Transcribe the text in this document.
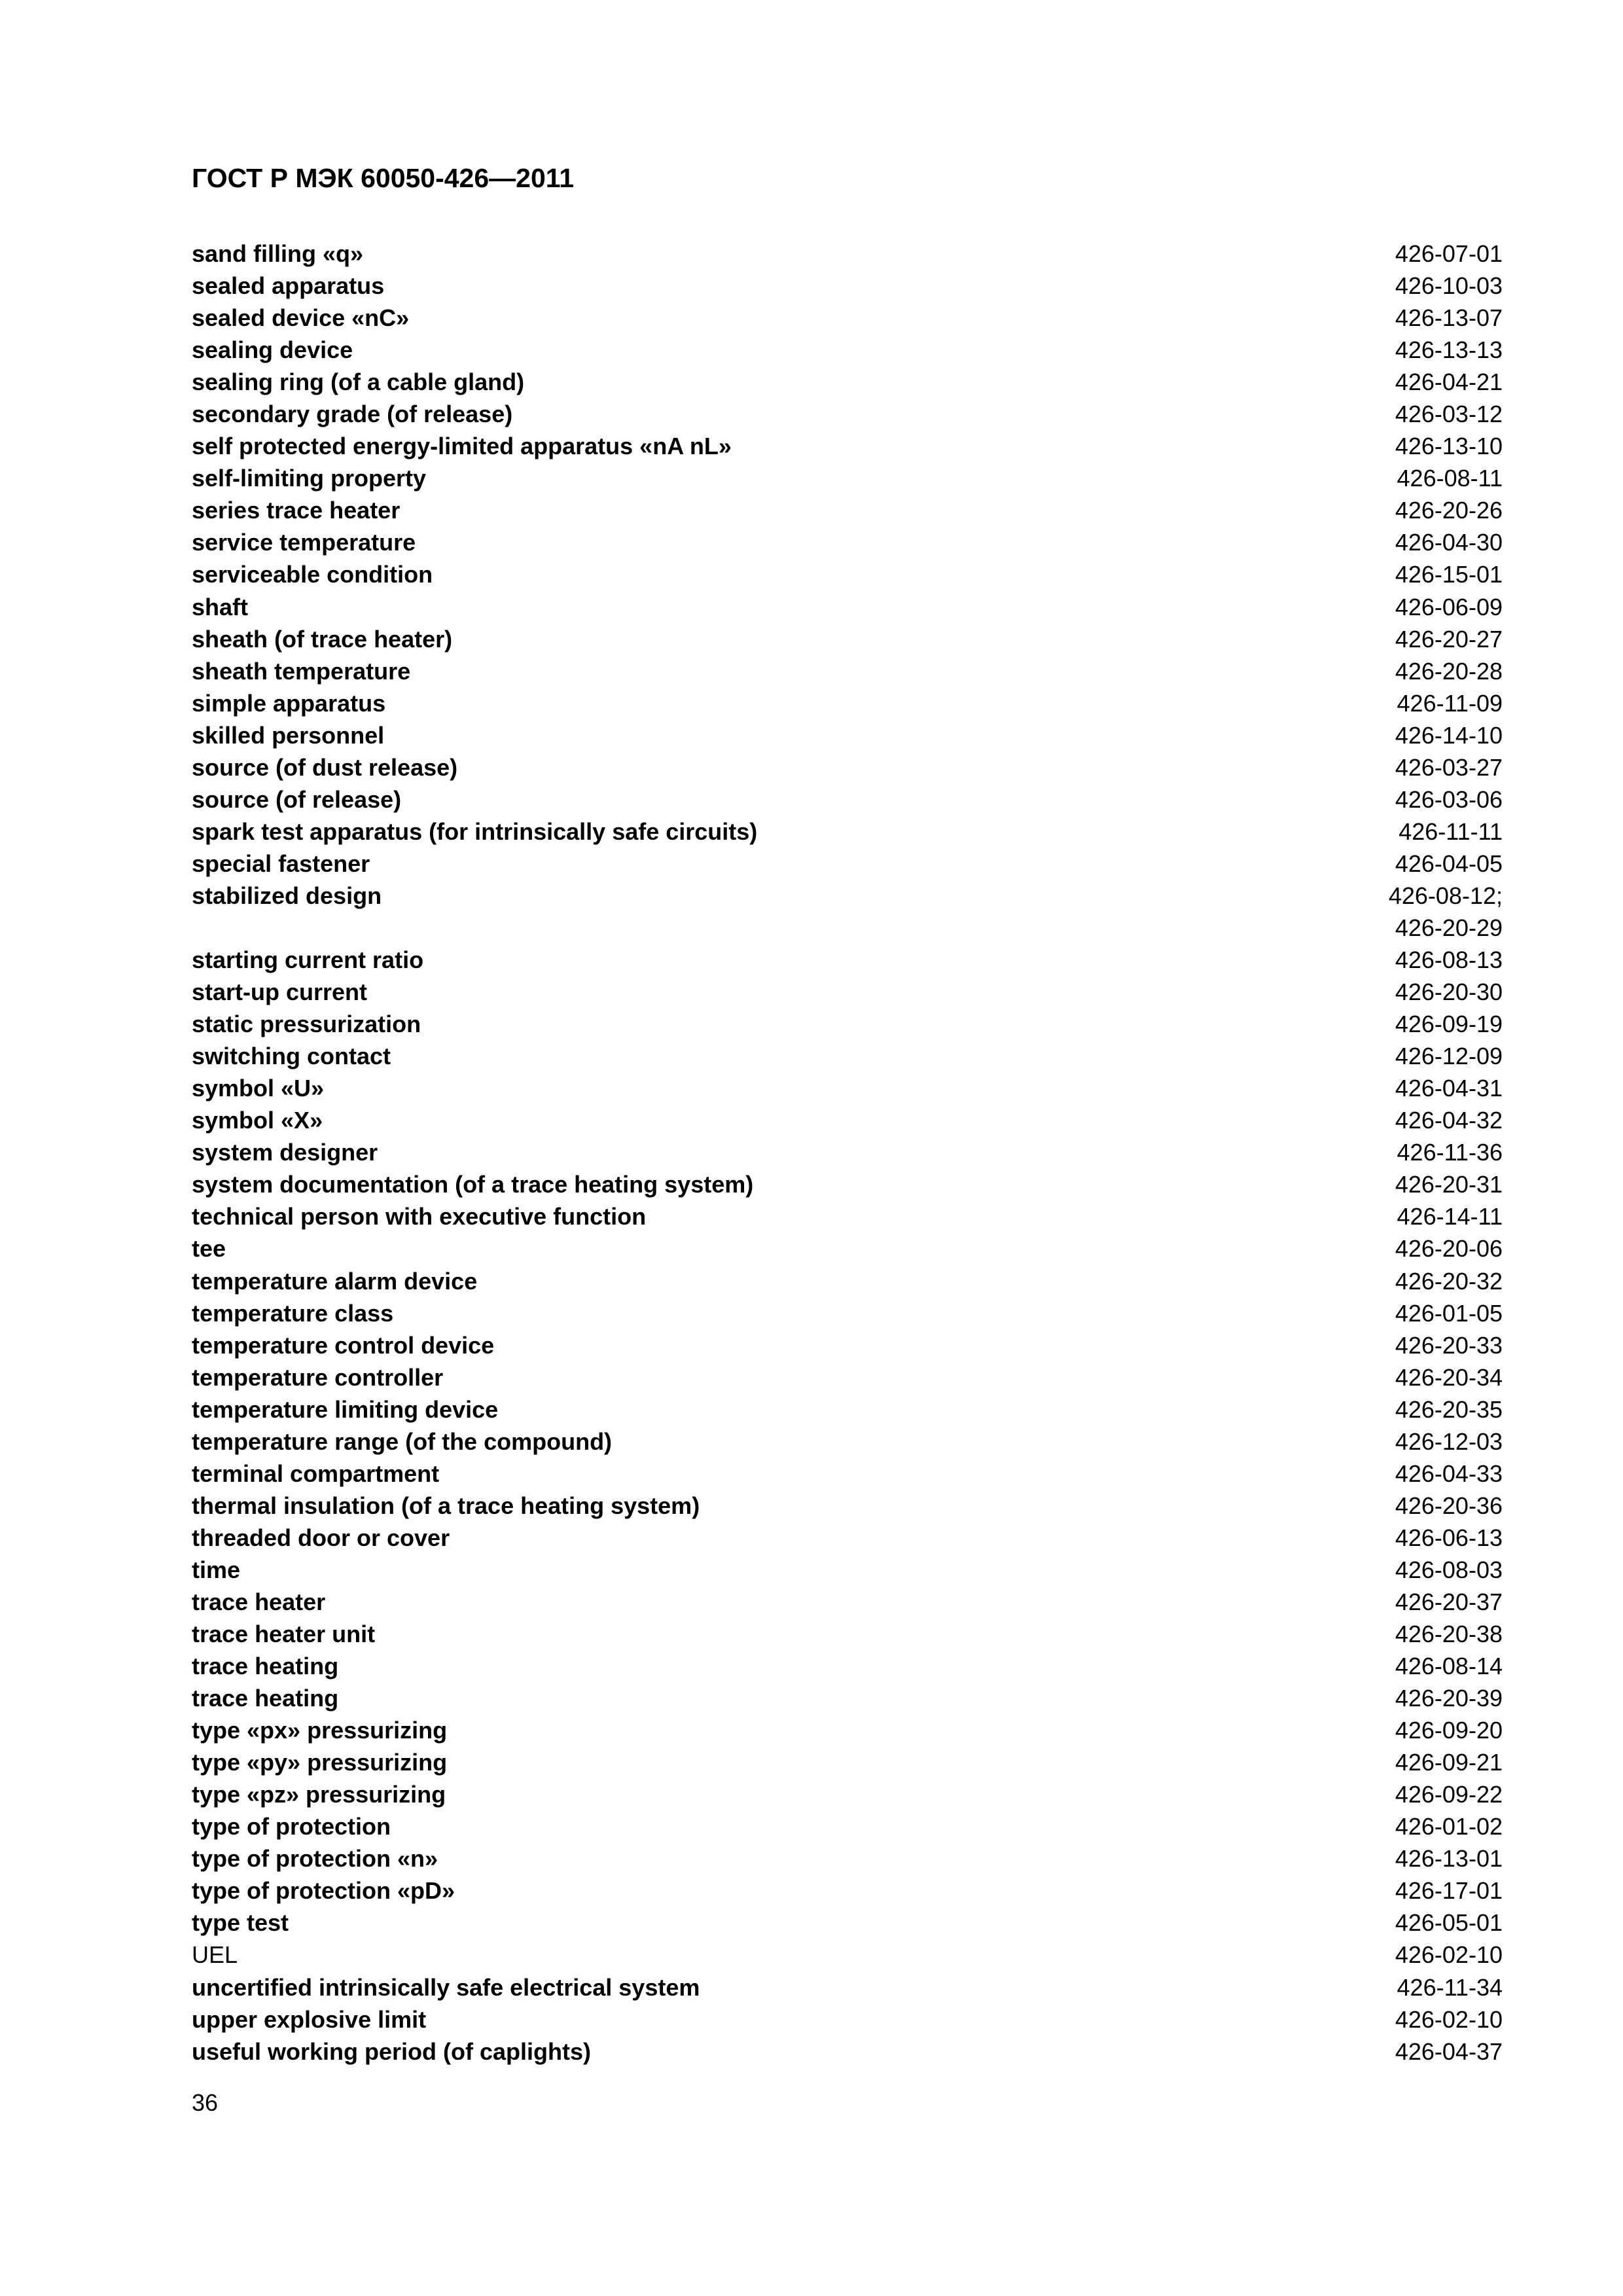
ГОСТ Р МЭК 60050-426—2011
sand filling «q»	426-07-01
sealed apparatus	426-10-03
sealed device «nC»	426-13-07
sealing device	426-13-13
sealing ring (of a cable gland)	426-04-21
secondary grade (of release)	426-03-12
self protected energy-limited apparatus «nA nL»	426-13-10
self-limiting property	426-08-11
series trace heater	426-20-26
service temperature	426-04-30
serviceable condition	426-15-01
shaft	426-06-09
sheath (of trace heater)	426-20-27
sheath temperature	426-20-28
simple apparatus	426-11-09
skilled personnel	426-14-10
source (of dust release)	426-03-27
source (of release)	426-03-06
spark test apparatus (for intrinsically safe circuits)	426-11-11
special fastener	426-04-05
stabilized design	426-08-12;
426-20-29
starting current ratio	426-08-13
start-up current	426-20-30
static pressurization	426-09-19
switching contact	426-12-09
symbol «U»	426-04-31
symbol «X»	426-04-32
system designer	426-11-36
system documentation (of a trace heating system)	426-20-31
technical person with executive function	426-14-11
tee	426-20-06
temperature alarm device	426-20-32
temperature class	426-01-05
temperature control device	426-20-33
temperature controller	426-20-34
temperature limiting device	426-20-35
temperature range (of the compound)	426-12-03
terminal compartment	426-04-33
thermal insulation (of a trace heating system)	426-20-36
threaded door or cover	426-06-13
time	426-08-03
trace heater	426-20-37
trace heater unit	426-20-38
trace heating	426-08-14
trace heating	426-20-39
type «px» pressurizing	426-09-20
type «py» pressurizing	426-09-21
type «pz» pressurizing	426-09-22
type of protection	426-01-02
type of protection «n»	426-13-01
type of protection «pD»	426-17-01
type test	426-05-01
UEL	426-02-10
uncertified intrinsically safe electrical system	426-11-34
upper explosive limit	426-02-10
useful working period (of caplights)	426-04-37
36
